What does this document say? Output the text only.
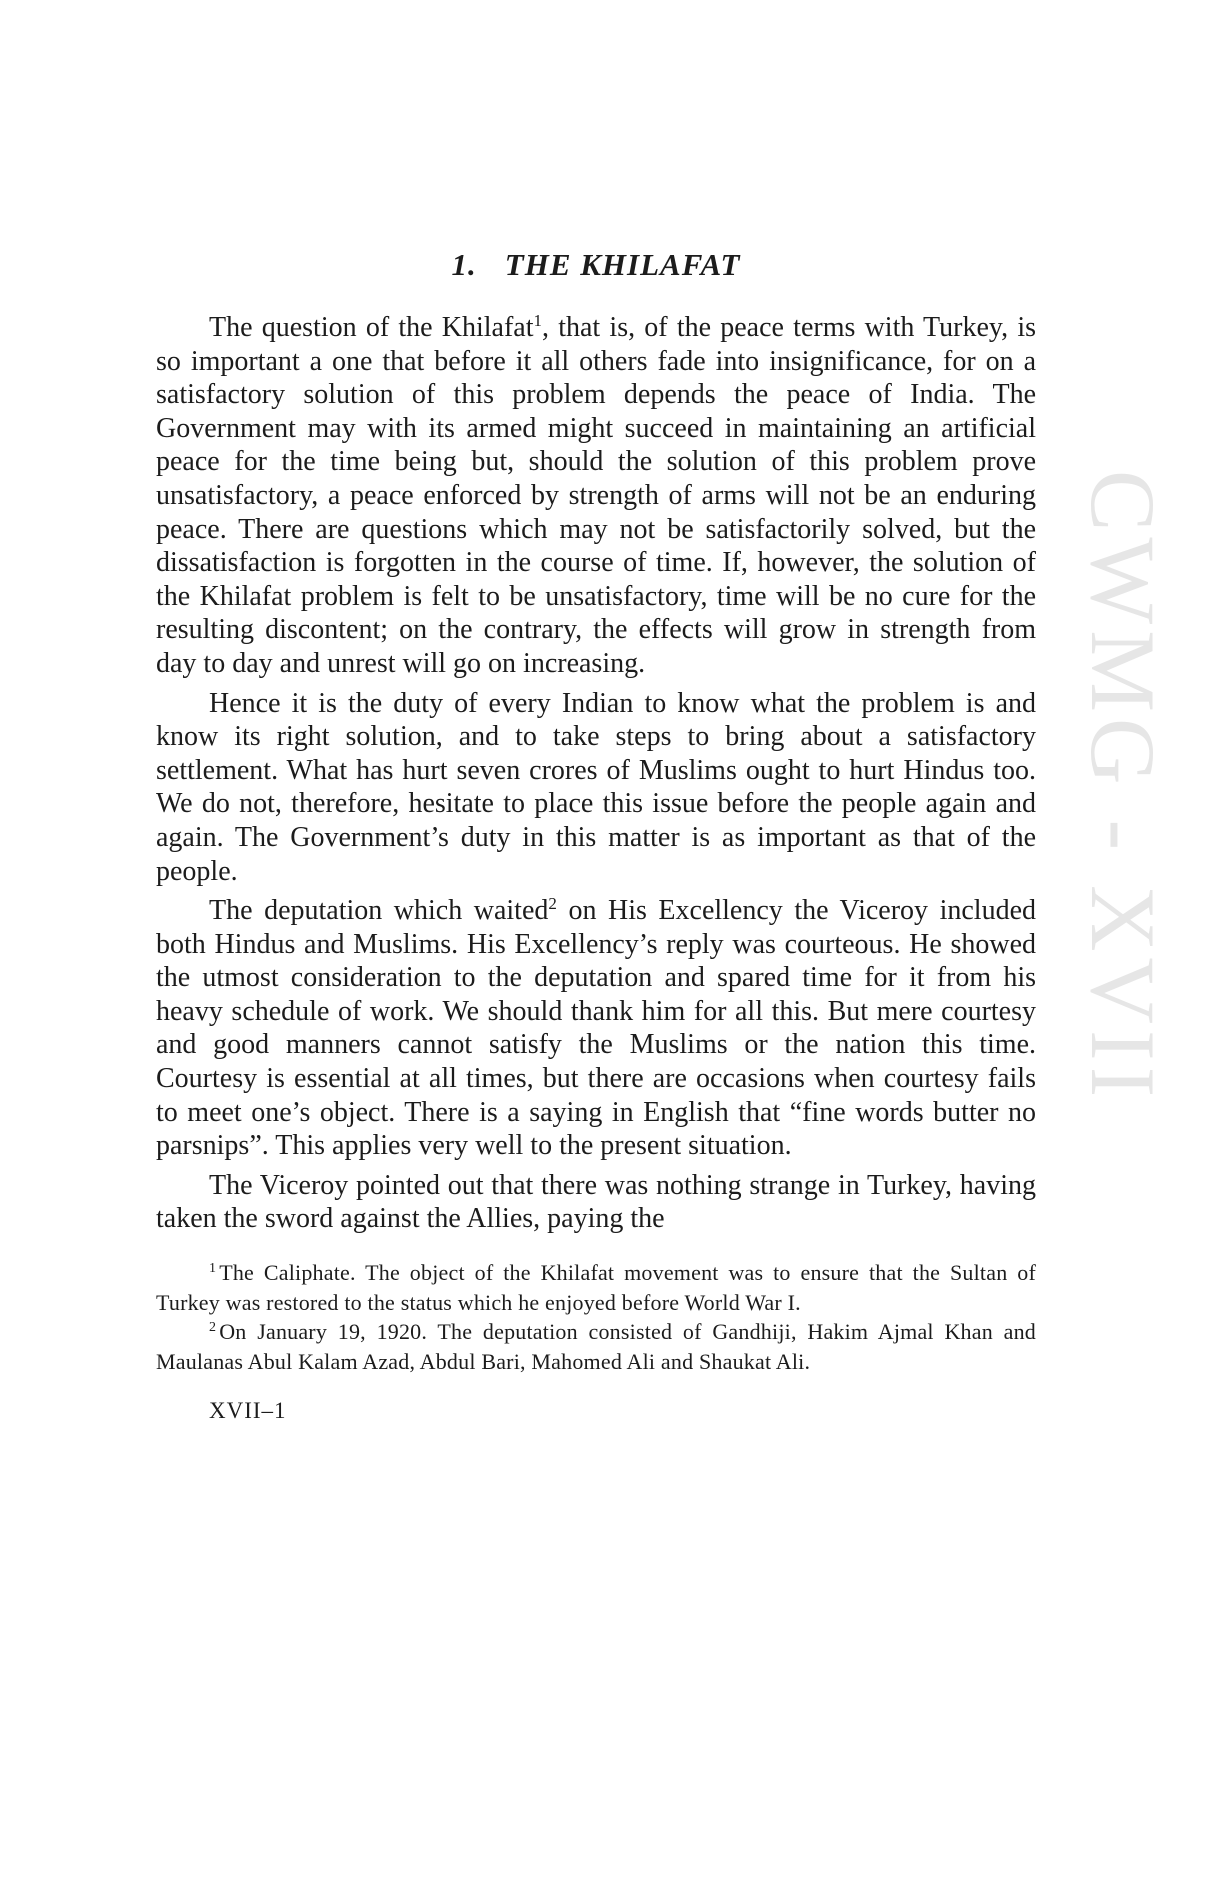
CWMG - XVII
1. THE KHILAFAT

The question of the Khilafat$^1$, that is, of the peace terms with Turkey, is so important a one that before it all others fade into insignificance, for on a satisfactory solution of this problem depends the peace of India. The Government may with its armed might succeed in maintaining an artificial peace for the time being but, should the solution of this problem prove unsatisfactory, a peace enforced by strength of arms will not be an enduring peace. There are questions which may not be satisfactorily solved, but the dissatisfaction is forgotten in the course of time. If, however, the solution of the Khilafat problem is felt to be unsatisfactory, time will be no cure for the resulting discontent; on the contrary, the effects will grow in strength from day to day and unrest will go on increasing.

Hence it is the duty of every Indian to know what the problem is and know its right solution, and to take steps to bring about a satisfactory settlement. What has hurt seven crores of Muslims ought to hurt Hindus too. We do not, therefore, hesitate to place this issue before the people again and again. The Government’s duty in this matter is as important as that of the people.

The deputation which waited$^2$ on His Excellency the Viceroy included both Hindus and Muslims. His Excellency’s reply was courteous. He showed the utmost consideration to the deputation and spared time for it from his heavy schedule of work. We should thank him for all this. But mere courtesy and good manners cannot satisfy the Muslims or the nation this time. Courtesy is essential at all times, but there are occasions when courtesy fails to meet one’s object. There is a saying in English that “fine words butter no parsnips”. This applies very well to the present situation.

The Viceroy pointed out that there was nothing strange in Turkey, having taken the sword against the Allies, paying the

$^1$ The Caliphate. The object of the Khilafat movement was to ensure that the Sultan of Turkey was restored to the status which he enjoyed before World War I.

$^2$ On January 19, 1920. The deputation consisted of Gandhiji, Hakim Ajmal Khan and Maulanas Abul Kalam Azad, Abdul Bari, Mahomed Ali and Shaukat Ali.

XVII–1
